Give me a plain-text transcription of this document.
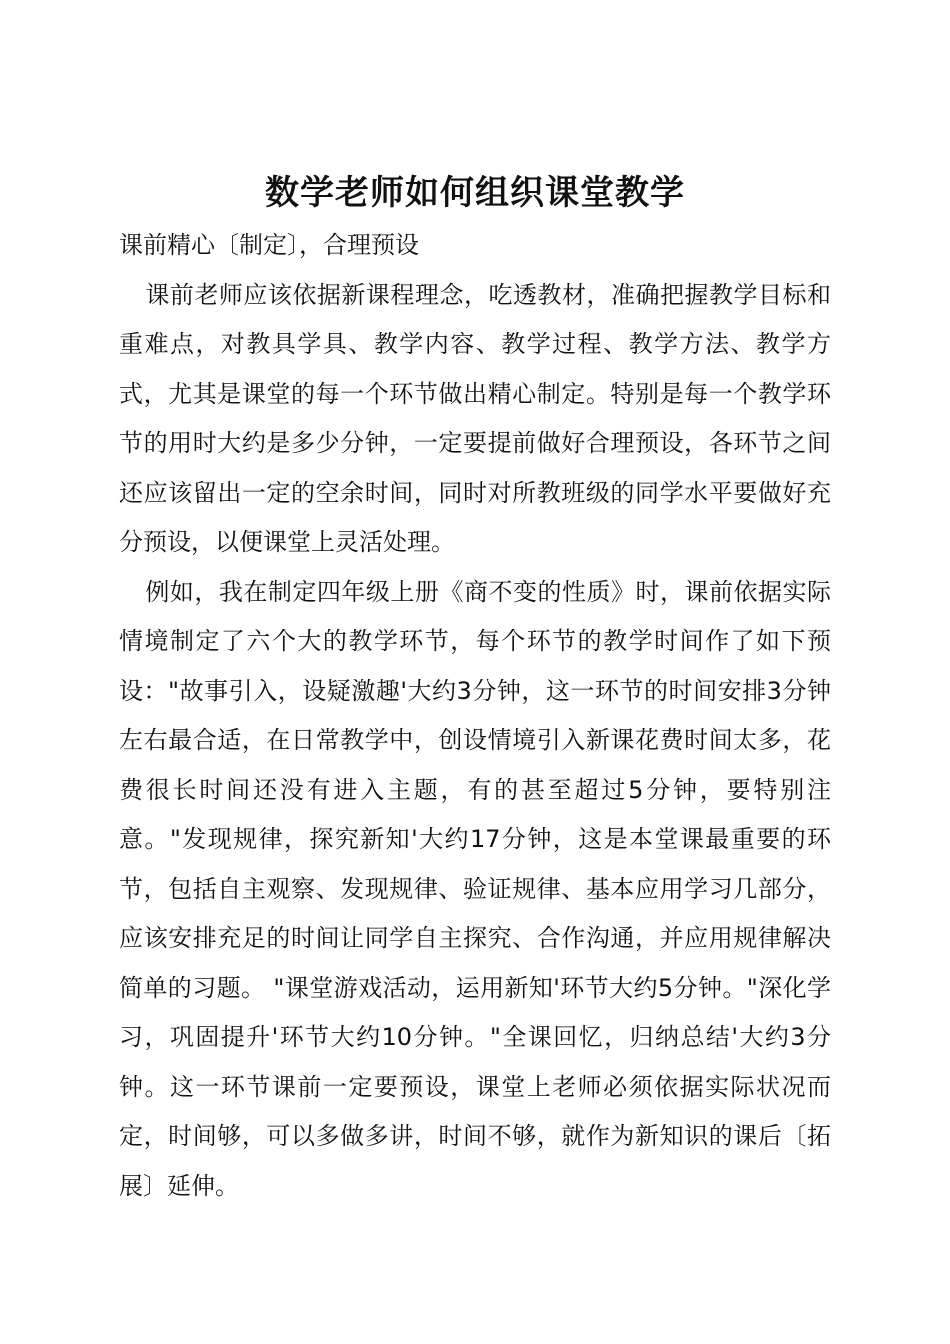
数学老师如何组织课堂教学

课前精心〔制定〕，合理预设

课前老师应该依据新课程理念，吃透教材，准确把握教学目标和重难点，对教具学具、教学内容、教学过程、教学方法、教学方式，尤其是课堂的每一个环节做出精心制定。特别是每一个教学环节的用时大约是多少分钟，一定要提前做好合理预设，各环节之间还应该留出一定的空余时间，同时对所教班级的同学水平要做好充分预设，以便课堂上灵活处理。

例如，我在制定四年级上册《商不变的性质》时，课前依据实际情境制定了六个大的教学环节，每个环节的教学时间作了如下预设："故事引入，设疑激趣'大约3分钟，这一环节的时间安排3分钟左右最合适，在日常教学中，创设情境引入新课花费时间太多，花费很长时间还没有进入主题，有的甚至超过5分钟，要特别注意。"发现规律，探究新知'大约17分钟，这是本堂课最重要的环节，包括自主观察、发现规律、验证规律、基本应用学习几部分，应该安排充足的时间让同学自主探究、合作沟通，并应用规律解决简单的习题。 "课堂游戏活动，运用新知'环节大约5分钟。"深化学习，巩固提升'环节大约10分钟。"全课回忆，归纳总结'大约3分钟。这一环节课前一定要预设，课堂上老师必须依据实际状况而定，时间够，可以多做多讲，时间不够，就作为新知识的课后〔拓展〕延伸。
